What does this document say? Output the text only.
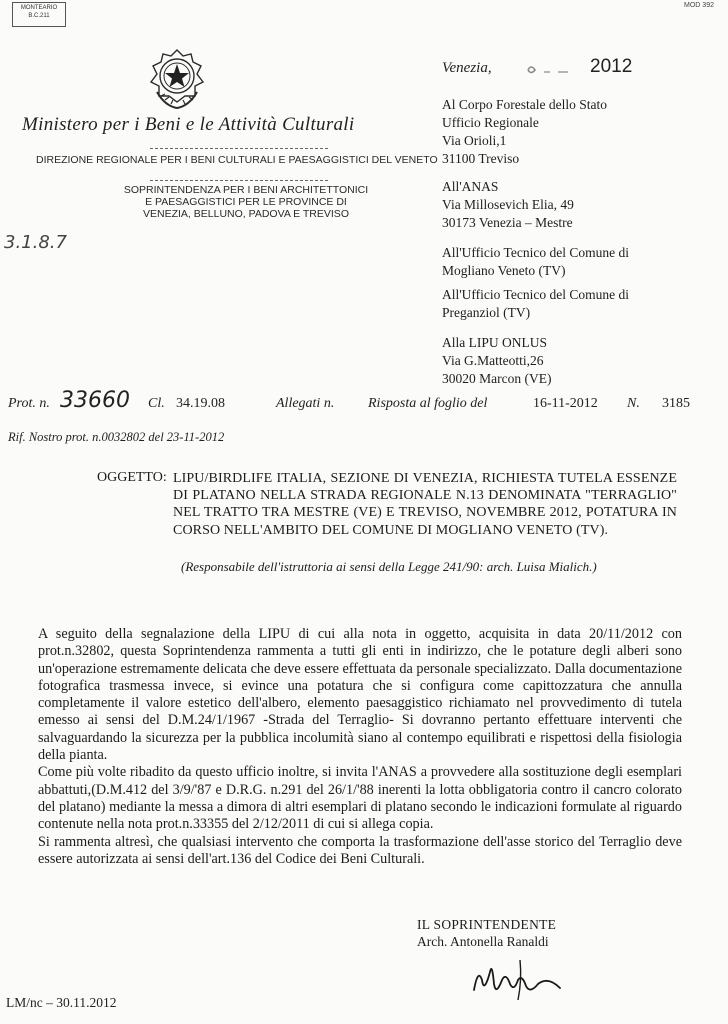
MONTEARIO
B.C.211
MOD 392
Ministero per i Beni e le Attività Culturali
DIREZIONE REGIONALE PER I BENI CULTURALI E PAESAGGISTICI DEL VENETO
SOPRINTENDENZA PER I BENI ARCHITETTONICI
E PAESAGGISTICI PER LE PROVINCE DI
VENEZIA, BELLUNO, PADOVA E TREVISO
3.1.8.7
Venezia,	2012
Al Corpo Forestale dello Stato
Ufficio Regionale
Via Orioli,1
31100 Treviso
All'ANAS
Via Millosevich Elia, 49
30173 Venezia – Mestre
All'Ufficio Tecnico del Comune di
Mogliano Veneto (TV)
All'Ufficio Tecnico del Comune di
Preganziol (TV)
Alla LIPU ONLUS
Via G.Matteotti,26
30020 Marcon (VE)
Prot. n. 33660 Cl. 34.19.08	Allegati n. Risposta al foglio del	16-11-2012 N. 3185
Rif. Nostro prot. n.0032802 del 23-11-2012
OGGETTO: LIPU/BIRDLIFE ITALIA, SEZIONE DI VENEZIA, RICHIESTA TUTELA ESSENZE DI PLATANO NELLA STRADA REGIONALE N.13 DENOMINATA "TERRAGLIO" NEL TRATTO TRA MESTRE (VE) E TREVISO, NOVEMBRE 2012, POTATURA IN CORSO NELL'AMBITO DEL COMUNE DI MOGLIANO VENETO (TV).
(Responsabile dell'istruttoria ai sensi della Legge 241/90: arch. Luisa Mialich.)

A seguito della segnalazione della LIPU di cui alla nota in oggetto, acquisita in data 20/11/2012 con prot.n.32802, questa Soprintendenza rammenta a tutti gli enti in indirizzo, che le potature degli alberi sono un'operazione estremamente delicata che deve essere effettuata da personale specializzato. Dalla documentazione fotografica trasmessa invece, si evince una potatura che si configura come capittozzatura che annulla completamente il valore estetico dell'albero, elemento paesaggistico richiamato nel provvedimento di tutela emesso ai sensi del D.M.24/1/1967 -Strada del Terraglio- Si dovranno pertanto effettuare interventi che salvaguardando la sicurezza per la pubblica incolumità siano al contempo equilibrati e rispettosi della fisiologia della pianta.

Come più volte ribadito da questo ufficio inoltre, si invita l'ANAS a provvedere alla sostituzione degli esemplari abbattuti,(D.M.412 del 3/9/'87 e D.R.G. n.291 del 26/1/'88 inerenti la lotta obbligatoria contro il cancro colorato del platano) mediante la messa a dimora di altri esemplari di platano secondo le indicazioni formulate al riguardo contenute nella nota prot.n.33355 del 2/12/2011 di cui si allega copia.

Si rammenta altresì, che qualsiasi intervento che comporta la trasformazione dell'asse storico del Terraglio deve essere autorizzata ai sensi dell'art.136 del Codice dei Beni Culturali.

IL SOPRINTENDENTE
Arch. Antonella Ranaldi
LM/nc – 30.11.2012
